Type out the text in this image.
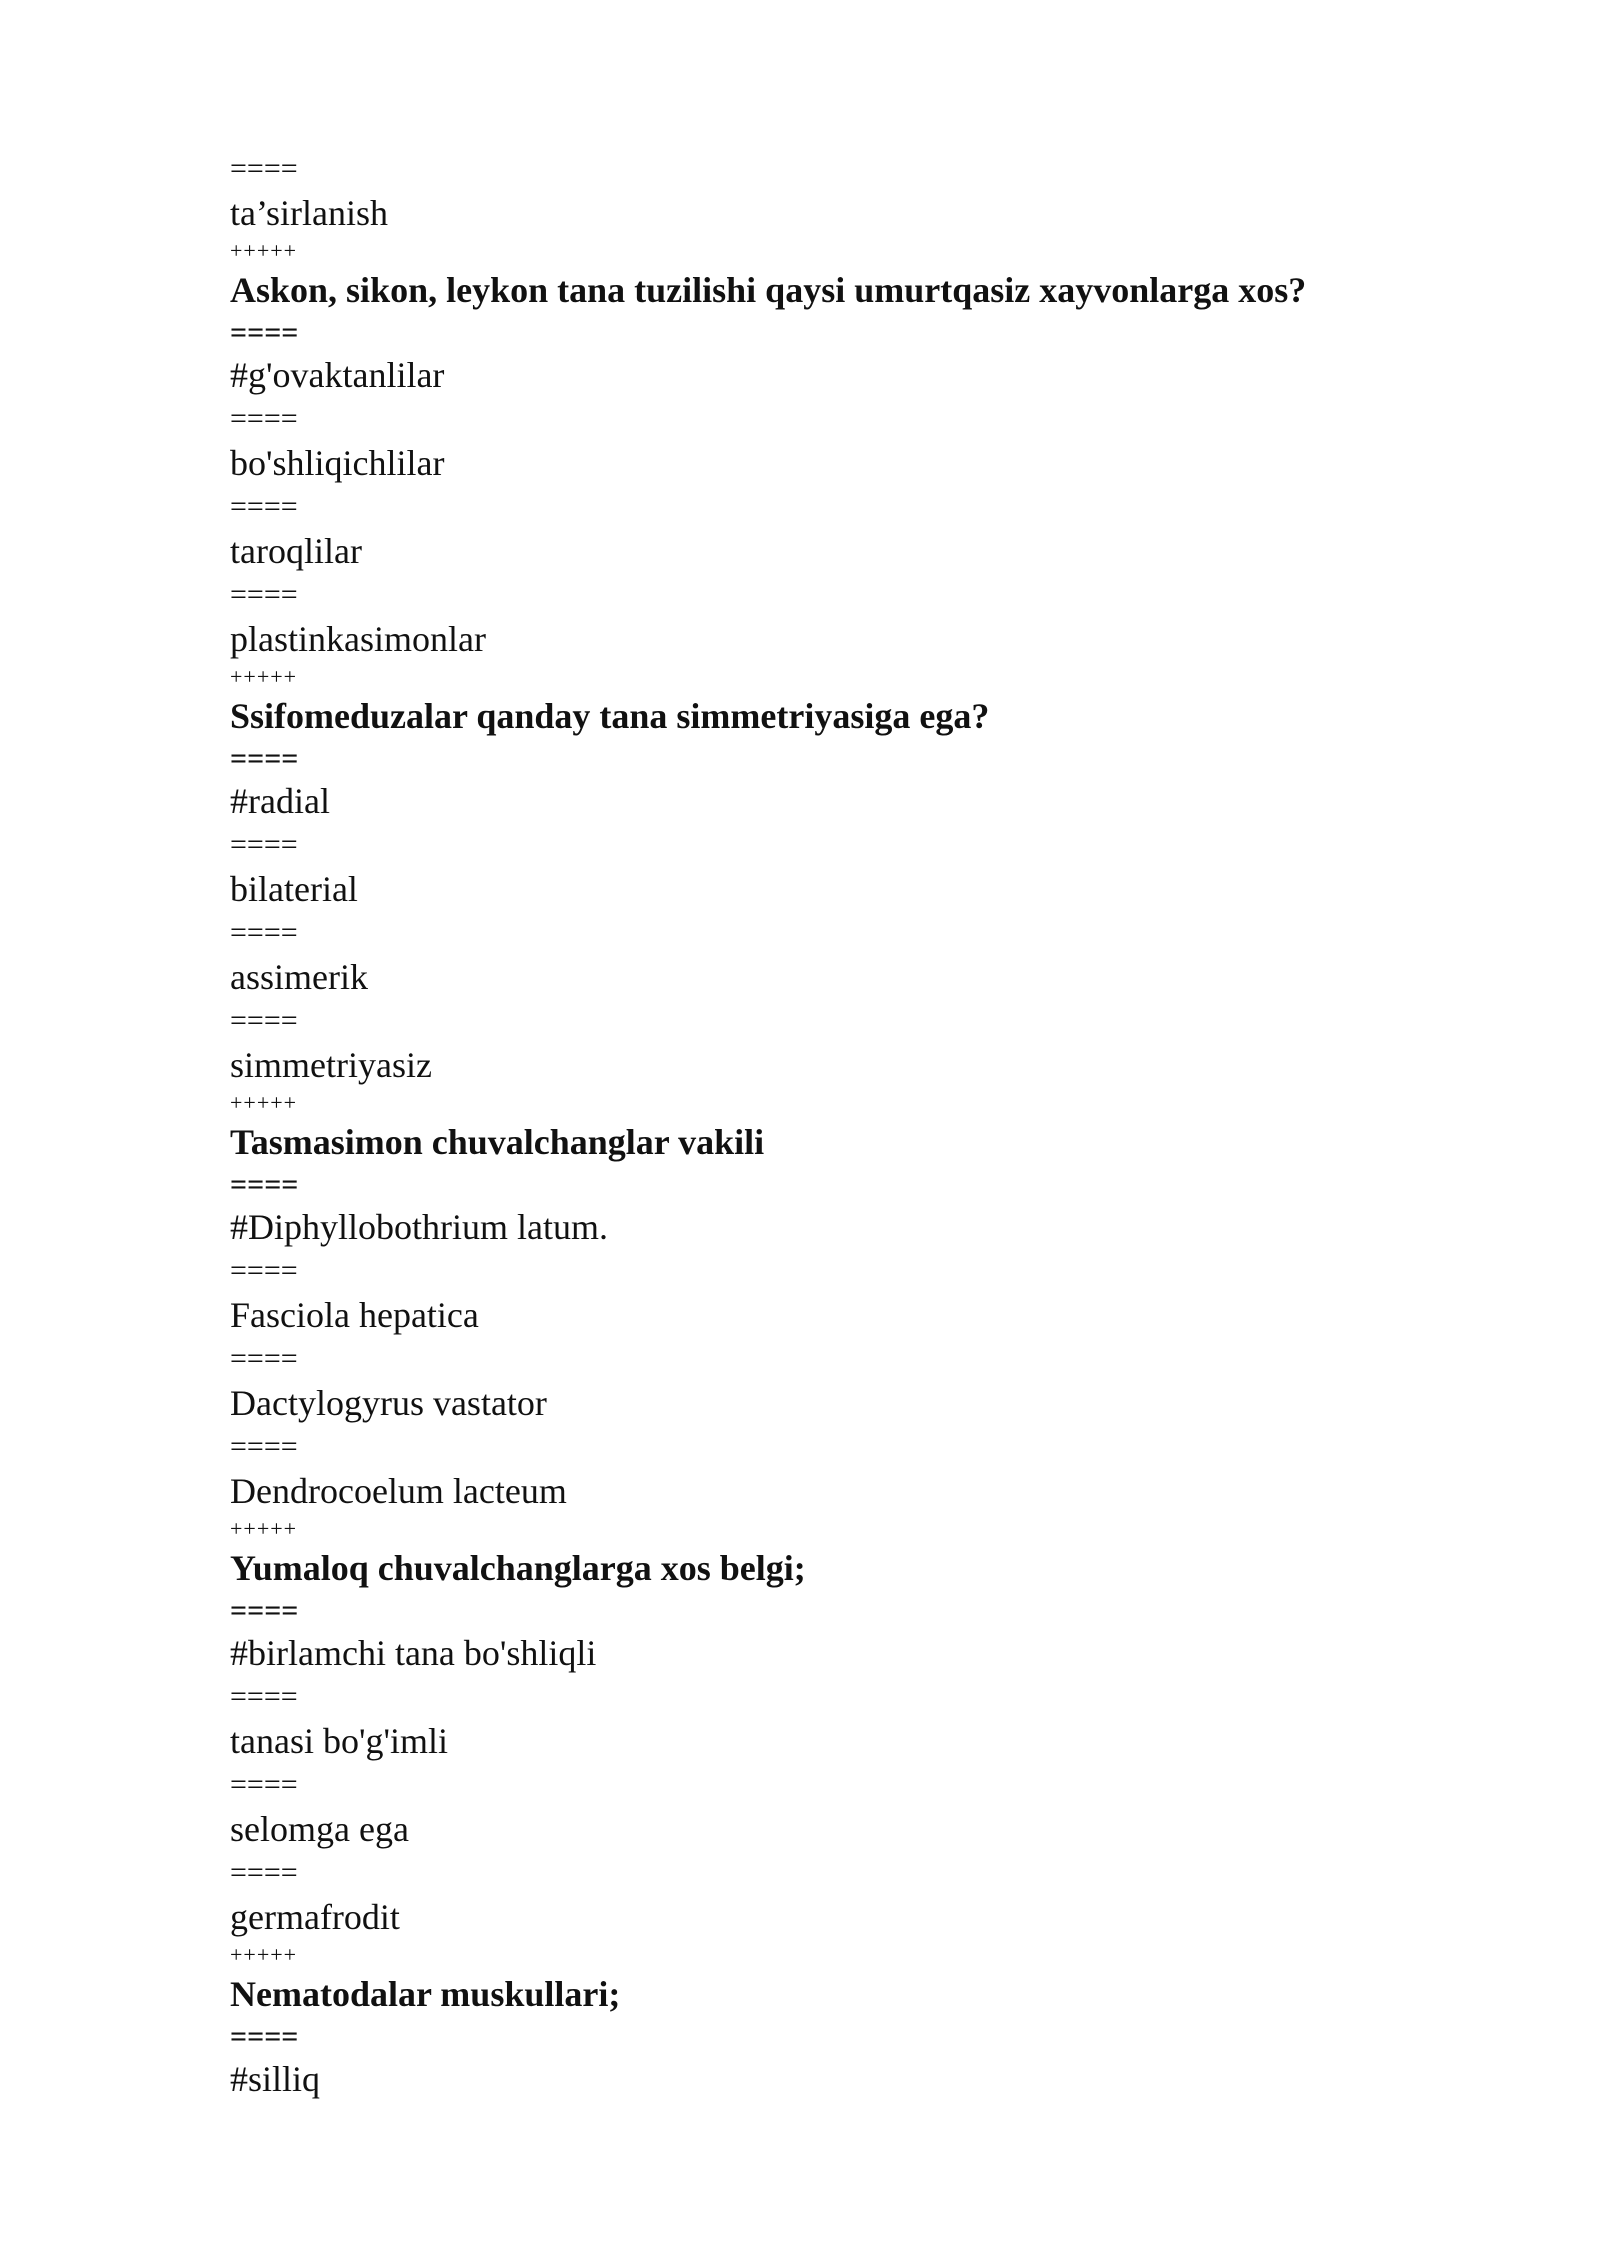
====
ta’sirlanish
+++++
Askon, sikon, leykon tana tuzilishi qaysi umurtqasiz xayvonlarga xos?
====
#g'ovaktanlilar
====
bo'shliqichlilar
====
taroqlilar
====
plastinkasimonlar
+++++
Ssifomeduzalar qanday tana simmetriyasiga ega?
====
#radial
====
bilaterial
====
assimerik
====
simmetriyasiz
+++++
Tasmasimon chuvalchanglar vakili
====
#Diphyllobothrium latum.
====
Fasciola hepatica
====
Dactylogyrus vastator
====
Dendrocoelum lacteum
+++++
Yumaloq chuvalchanglarga xos belgi;
====
#birlamchi tana bo'shliqli
====
tanasi bo'g'imli
====
selomga ega
====
germafrodit
+++++
Nematodalar muskullari;
====
#silliq
